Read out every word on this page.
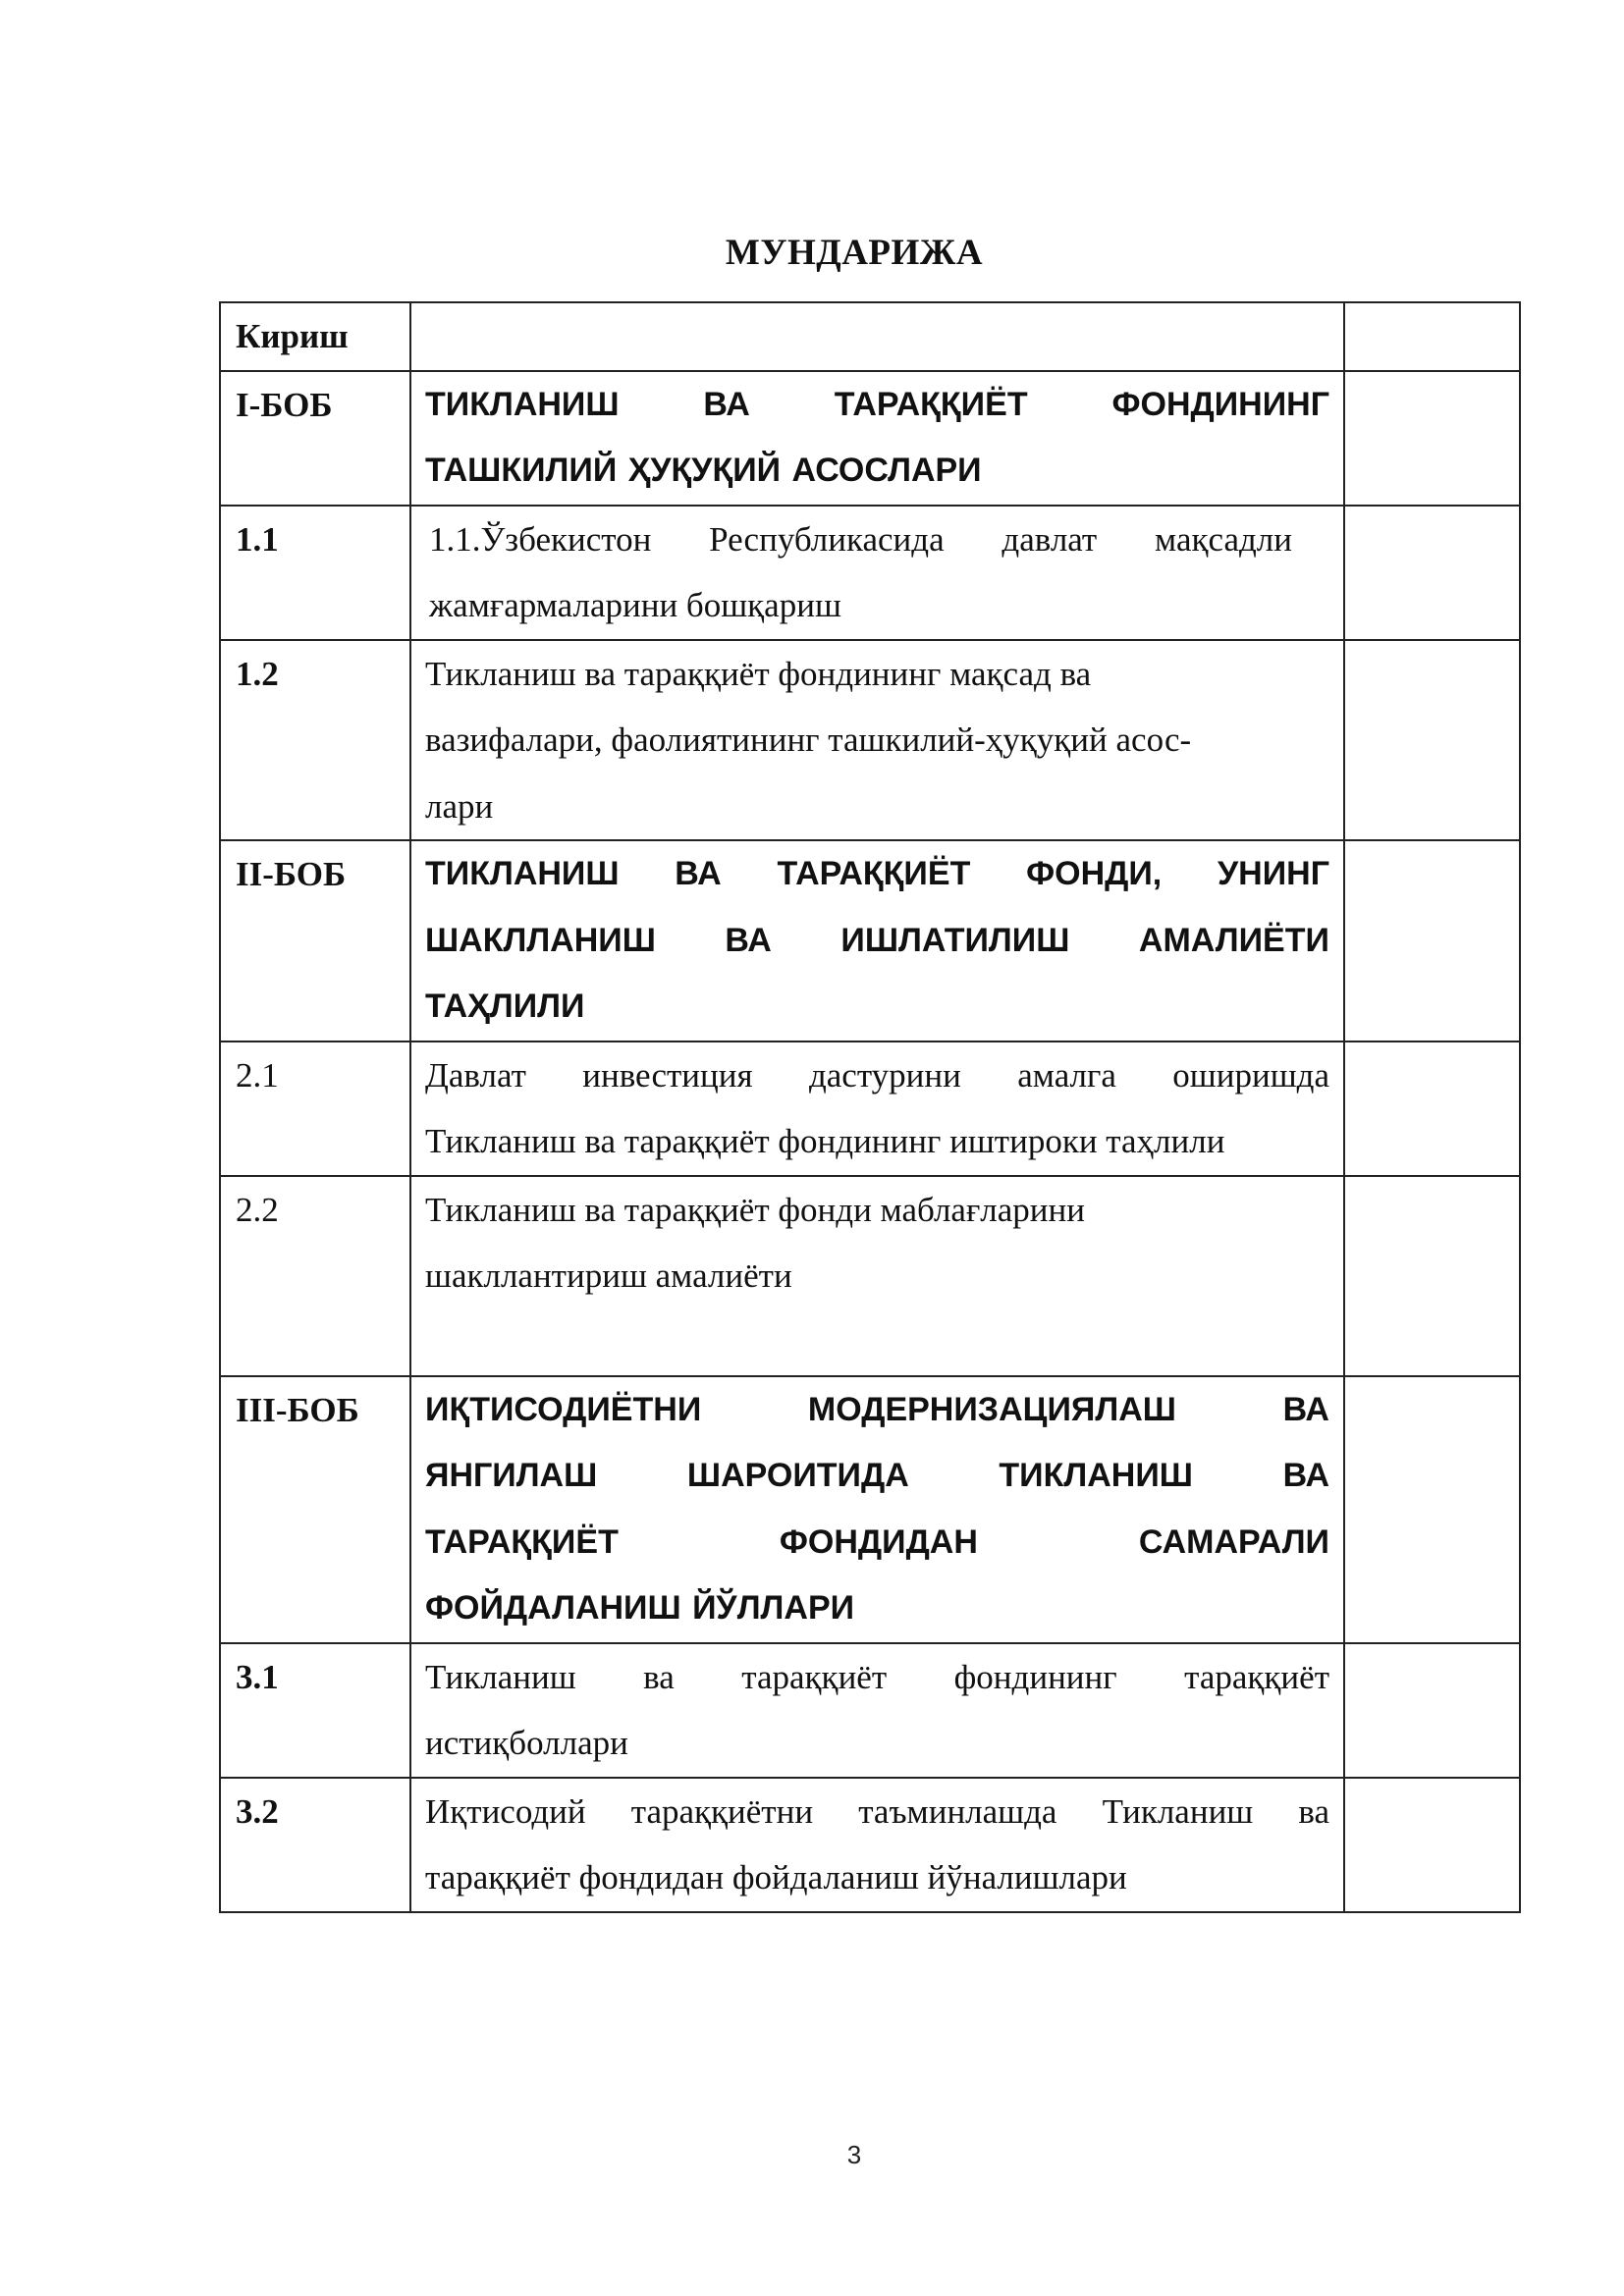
МУНДАРИЖА
Кириш		
I-БОБ	ТИКЛАНИШ ВА ТАРАҚҚИЁТ ФОНДИНИНГ
ТАШКИЛИЙ ҲУҚУҚИЙ АСОСЛАРИ	

1.1	1.1.Ўзбекистон Республикасида давлат мақсадли
жамғармаларини бошқариш	

1.2	Тикланиш ва тараққиёт фондининг мақсад ва
вазифалари, фаолиятининг ташкилий-ҳуқуқий асос-
лари	

II-БОБ	ТИКЛАНИШ ВА ТАРАҚҚИЁТ ФОНДИ, УНИНГ
ШАКЛЛАНИШ ВА ИШЛАТИЛИШ АМАЛИЁТИ
ТАҲЛИЛИ	

2.1	Давлат инвестиция дастурини амалга оширишда
Тикланиш ва тараққиёт фондининг иштироки таҳлили	

2.2	Тикланиш ва тараққиёт фонди маблағларини
шакллантириш амалиёти	

III-БОБ	ИҚТИСОДИЁТНИ МОДЕРНИЗАЦИЯЛАШ ВА
ЯНГИЛАШ ШАРОИТИДА ТИКЛАНИШ ВА
ТАРАҚҚИЁТ ФОНДИДАН САМАРАЛИ
ФОЙДАЛАНИШ ЙЎЛЛАРИ	

3.1	Тикланиш ва тараққиёт фондининг тараққиёт
истиқболлари	

3.2	Иқтисодий тараққиётни таъминлашда Тикланиш ва
тараққиёт фондидан фойдаланиш йўналишлари	

3
